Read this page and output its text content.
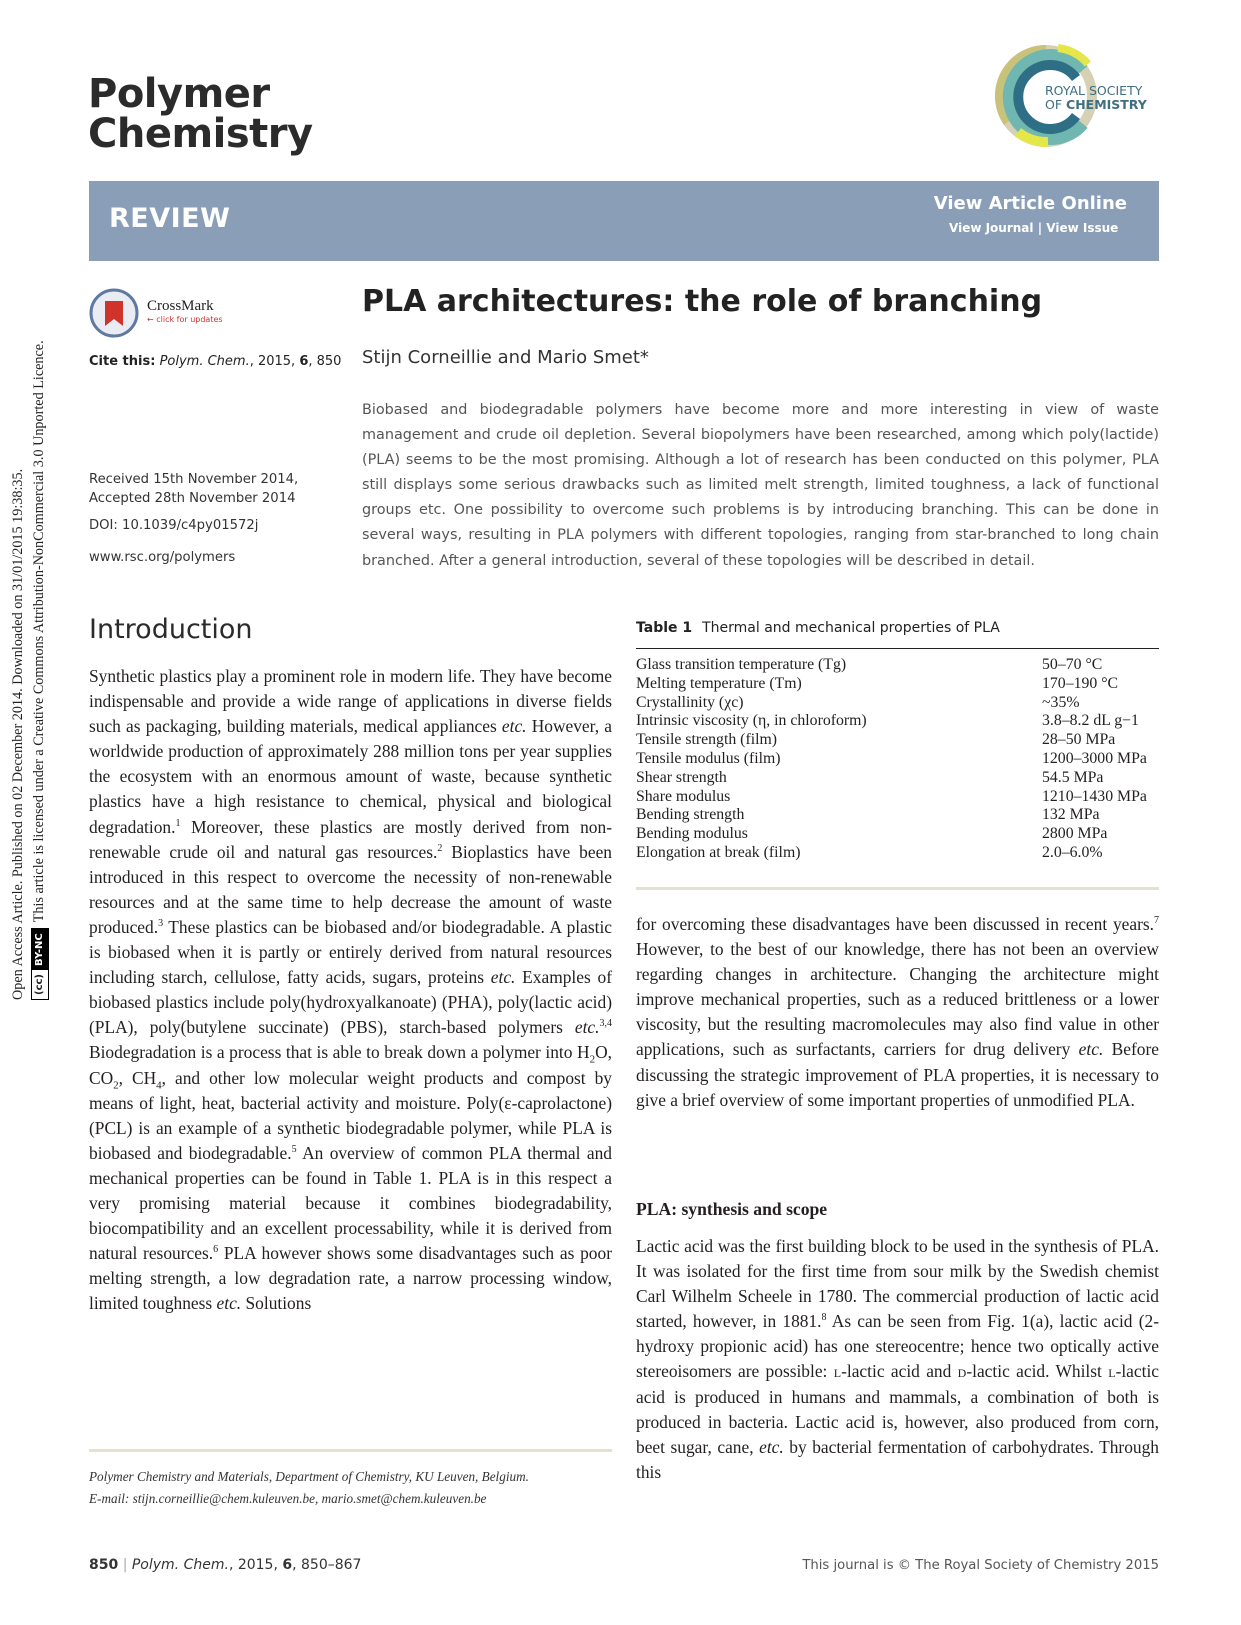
Open Access Article. Published on 02 December 2014. Downloaded on 31/01/2015 19:38:35. (cc)
BY-NC
This article is licensed under a Creative Commons Attribution-NonCommercial 3.0 Unported Licence.
Polymer
Chemistry
ROYAL SOCIETY
OF CHEMISTRY
REVIEW	View Article Online
View Journal | View Issue
CrossMark
← click for updates
Cite this: Polym. Chem., 2015, 6, 850
Received 15th November 2014,
Accepted 28th November 2014
DOI: 10.1039/c4py01572j
www.rsc.org/polymers
PLA architectures: the role of branching
Stijn Corneillie and Mario Smet*
Biobased and biodegradable polymers have become more and more interesting in view of waste management and crude oil depletion. Several biopolymers have been researched, among which poly(lactide) (PLA) seems to be the most promising. Although a lot of research has been conducted on this polymer, PLA still displays some serious drawbacks such as limited melt strength, limited toughness, a lack of functional groups etc. One possibility to overcome such problems is by introducing branching. This can be done in several ways, resulting in PLA polymers with different topologies, ranging from star-branched to long chain branched. After a general introduction, several of these topologies will be described in detail.
Introduction
Synthetic plastics play a prominent role in modern life. They have become indispensable and provide a wide range of applications in diverse fields such as packaging, building materials, medical appliances etc. However, a worldwide production of approximately 288 million tons per year supplies the ecosystem with an enormous amount of waste, because synthetic plastics have a high resistance to chemical, physical and biological degradation.$^1$ Moreover, these plastics are mostly derived from non-renewable crude oil and natural gas resources.$^2$ Bioplastics have been introduced in this respect to overcome the necessity of non-renewable resources and at the same time to help decrease the amount of waste produced.$^3$ These plastics can be biobased and/or biodegradable. A plastic is biobased when it is partly or entirely derived from natural resources including starch, cellulose, fatty acids, sugars, proteins etc. Examples of biobased plastics include poly(hydroxyalkanoate) (PHA), poly(lactic acid) (PLA), poly(butylene succinate) (PBS), starch-based polymers etc.$^{3,4}$ Biodegradation is a process that is able to break down a polymer into $H_2O$, $CO_2$, $CH_4$, and other low molecular weight products and compost by means of light, heat, bacterial activity and moisture. Poly(ε-caprolactone) (PCL) is an example of a synthetic biodegradable polymer, while PLA is biobased and biodegradable.$^5$ An overview of common PLA thermal and mechanical properties can be found in Table 1. PLA is in this respect a very promising material because it combines biodegradability, biocompatibility and an excellent processability, while it is derived from natural resources.$^6$ PLA however shows some disadvantages such as poor melting strength, a low degradation rate, a narrow processing window, limited toughness etc. Solutions
Table 1 Thermal and mechanical properties of PLA
Glass transition temperature (Tg)	50–70 °C
Melting temperature (Tm)	170–190 °C
Crystallinity (χc)	~35%
Intrinsic viscosity (η, in chloroform)	3.8–8.2 dL g−1
Tensile strength (film)	28–50 MPa
Tensile modulus (film)	1200–3000 MPa
Shear strength	54.5 MPa
Share modulus	1210–1430 MPa
Bending strength	132 MPa
Bending modulus	2800 MPa
Elongation at break (film)	2.0–6.0%
for overcoming these disadvantages have been discussed in recent years.$^7$ However, to the best of our knowledge, there has not been an overview regarding changes in architecture. Changing the architecture might improve mechanical properties, such as a reduced brittleness or a lower viscosity, but the resulting macromolecules may also find value in other applications, such as surfactants, carriers for drug delivery etc. Before discussing the strategic improvement of PLA properties, it is necessary to give a brief overview of some important properties of unmodified PLA.
PLA: synthesis and scope
Lactic acid was the first building block to be used in the synthesis of PLA. It was isolated for the first time from sour milk by the Swedish chemist Carl Wilhelm Scheele in 1780. The commercial production of lactic acid started, however, in 1881.$^8$ As can be seen from Fig. 1(a), lactic acid (2-hydroxy propionic acid) has one stereocentre; hence two optically active stereoisomers are possible: l-lactic acid and d-lactic acid. Whilst l-lactic acid is produced in humans and mammals, a combination of both is produced in bacteria. Lactic acid is, however, also produced from corn, beet sugar, cane, etc. by bacterial fermentation of carbohydrates. Through this
Polymer Chemistry and Materials, Department of Chemistry, KU Leuven, Belgium.
E-mail: stijn.corneillie@chem.kuleuven.be, mario.smet@chem.kuleuven.be
850 | Polym. Chem., 2015, 6, 850–867	This journal is © The Royal Society of Chemistry 2015
